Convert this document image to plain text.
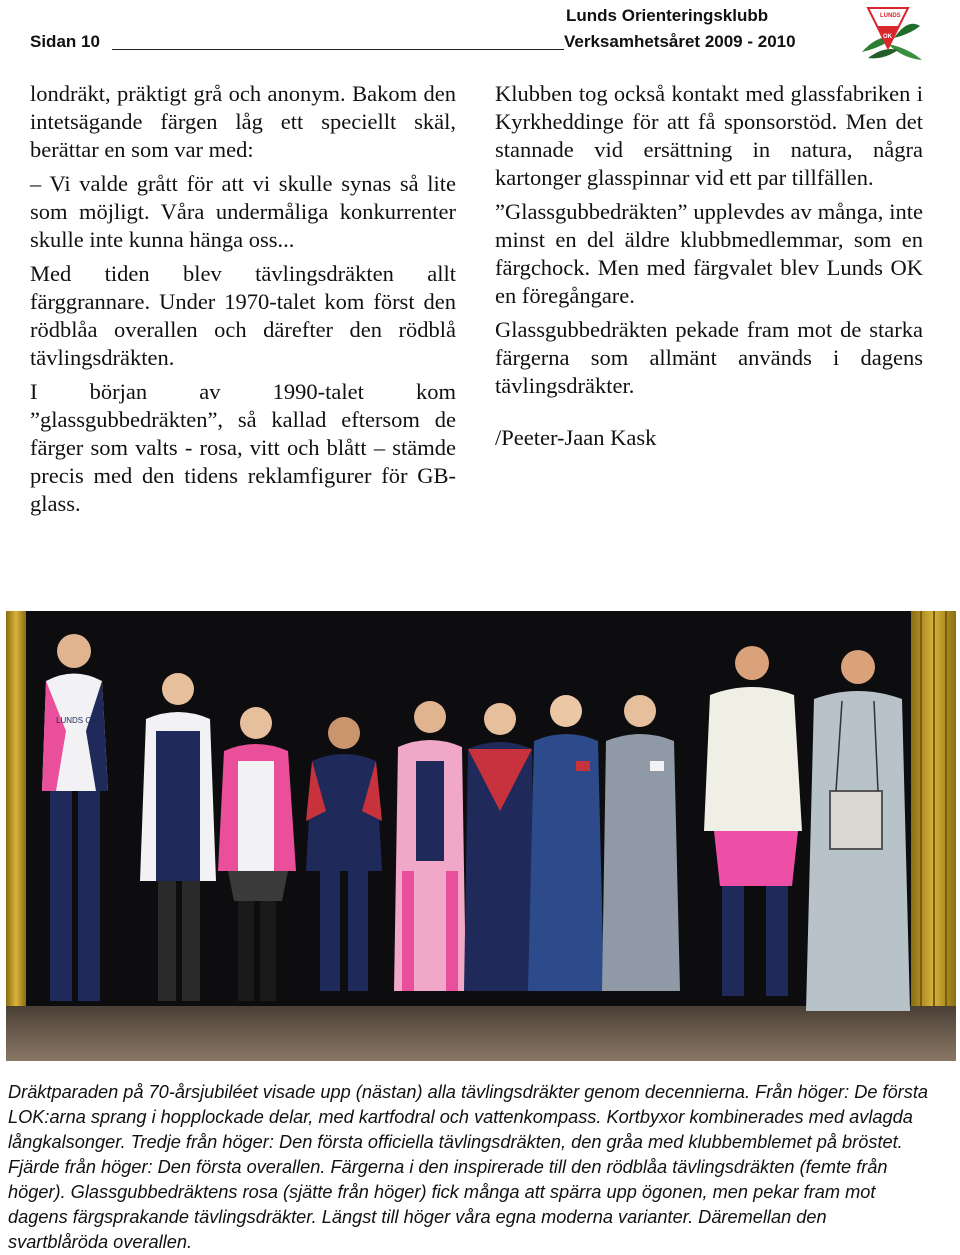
Sidan 10
Lunds Orienteringsklubb
Verksamhetsåret 2009 - 2010
LUNDS
OK

londräkt, präktigt grå och anonym. Bakom den intetsägande färgen låg ett speciellt skäl, berättar en som var med:

– Vi valde grått för att vi skulle synas så lite som möjligt. Våra undermåliga konkurrenter skulle inte kunna hänga oss...

Med tiden blev tävlingsdräkten allt färggrannare. Under 1970-talet kom först den rödblåa overallen och därefter den rödblå tävlingsdräkten.

I början av 1990-talet kom ”glassgubbedräkten”, så kallad eftersom de färger som valts - rosa, vitt och blått – stämde precis med den tidens reklamfigurer för GB-glass.

Klubben tog också kontakt med glassfabriken i Kyrkheddinge för att få sponsorstöd. Men det stannade vid ersättning in natura, några kartonger glasspinnar vid ett par tillfällen.

”Glassgubbedräkten” upplevdes av många, inte minst en del äldre klubbmedlemmar, som en färgchock. Men med färgvalet blev Lunds OK en föregångare.

Glassgubbedräkten pekade fram mot de starka färgerna som allmänt används i dagens tävlingsdräkter.

/Peeter-Jaan Kask

LUNDS OK
LUNDS OK

Dräktparaden på 70-årsjubiléet visade upp (nästan) alla tävlingsdräkter genom decennierna. Från höger: De första LOK:arna sprang i hopplockade delar, med kartfodral och vattenkompass. Kortbyxor kombinerades med avlagda långkalsonger. Tredje från höger: Den första officiella tävlingsdräkten, den gråa med klubbemblemet på bröstet. Fjärde från höger: Den första overallen. Färgerna i den inspirerade till den rödblåa tävlingsdräkten (femte från höger). Glassgubbedräktens rosa (sjätte från höger) fick många att spärra upp ögonen, men pekar fram mot dagens färgsprakande tävlingsdräkter. Längst till höger våra egna moderna varianter. Däremellan den svartblåröda overallen.
